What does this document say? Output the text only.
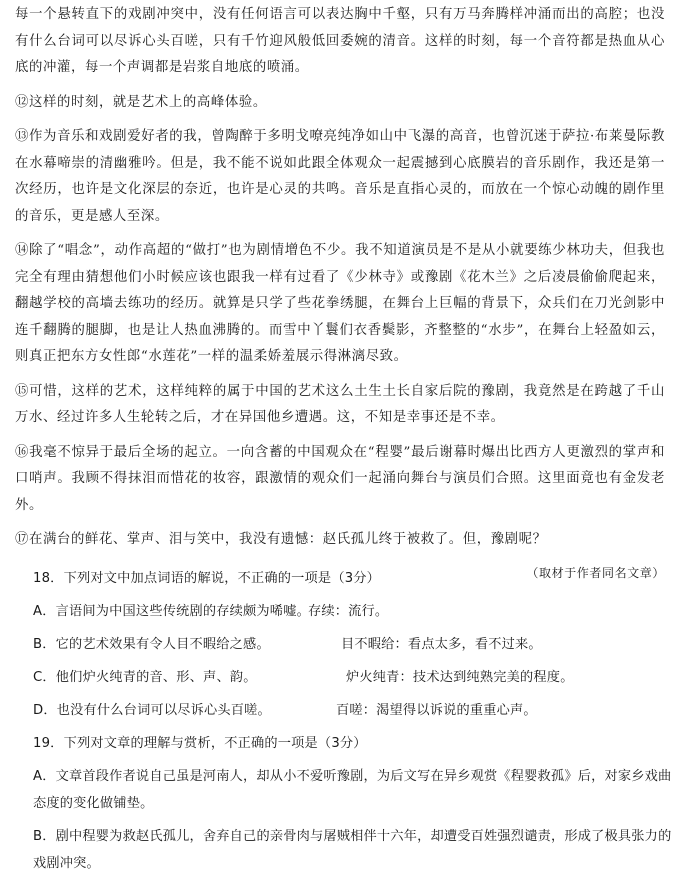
每一个悬转直下的戏剧冲突中，没有任何语言可以表达胸中千壑，只有万马奔腾样冲涌而出的高腔；也没有什么台词可以尽诉心头百嗟，只有千竹迎风般低回委婉的清音。这样的时刻，每一个音符都是热血从心底的冲灌，每一个声调都是岩浆自地底的喷涌。

⑫这样的时刻，就是艺术上的高峰体验。

⑬作为音乐和戏剧爱好者的我，曾陶醉于多明戈嘹亮纯净如山中飞瀑的高音，也曾沉迷于萨拉·布莱曼际教在水幕啼崇的清幽雅吟。但是，我不能不说如此跟全体观众一起震撼到心底膜岩的音乐剧作，我还是第一次经历，也许是文化深层的奈近，也许是心灵的共鸣。音乐是直指心灵的，而放在一个惊心动魄的剧作里的音乐，更是感人至深。

⑭除了“唱念”，动作高超的“做打”也为剧情增色不少。我不知道演员是不是从小就要练少林功夫，但我也完全有理由猜想他们小时候应该也跟我一样有过看了《少林寺》或豫剧《花木兰》之后凌晨偷偷爬起来，翻越学校的高墙去练功的经历。就算是只学了些花拳绣腿，在舞台上巨幅的背景下，众兵们在刀光剑影中连千翻腾的腿脚，也是让人热血沸腾的。而雪中丫鬟们衣香鬓影，齐整整的“水步”，在舞台上轻盈如云，则真正把东方女性郎“水莲花”一样的温柔娇羞展示得淋漓尽致。

⑮可惜，这样的艺术，这样纯粹的属于中国的艺术这么土生土长自家后院的豫剧，我竟然是在跨越了千山万水、经过许多人生轮转之后，才在异国他乡遭遇。这，不知是幸事还是不幸。

⑯我毫不惊异于最后全场的起立。一向含蓄的中国观众在“程婴”最后谢幕时爆出比西方人更激烈的掌声和口哨声。我顾不得抹泪而惜花的妆容，跟激情的观众们一起涌向舞台与演员们合照。这里面竟也有金发老外。

⑰在满台的鲜花、掌声、泪与笑中，我没有遗憾：赵氏孤儿终于被救了。但，豫剧呢？

（取材于作者同名文章）

18．下列对文中加点词语的解说，不正确的一项是（3分）

A．言语间为中国这些传统剧的存续颇为唏嘘。
存续：流行。
B．它的艺术效果有令人目不暇给之感。	目不暇给：看点太多，看不过来。
C．他们炉火纯青的音、形、声、韵。	炉火纯青：技术达到纯熟完美的程度。
D．也没有什么台词可以尽诉心头百嗟。	百嗟：渴望得以诉说的重重心声。

19．下列对文章的理解与赏析，不正确的一项是（3分）

A．文章首段作者说自己虽是河南人，却从小不爱听豫剧，为后文写在异乡观赏《程婴救孤》后，对家乡戏曲

态度的变化做铺垫。

B．剧中程婴为救赵氏孤儿，舍弃自己的亲骨肉与屠贼相伴十六年，却遭受百姓强烈谴责，形成了极具张力的

戏剧冲突。
